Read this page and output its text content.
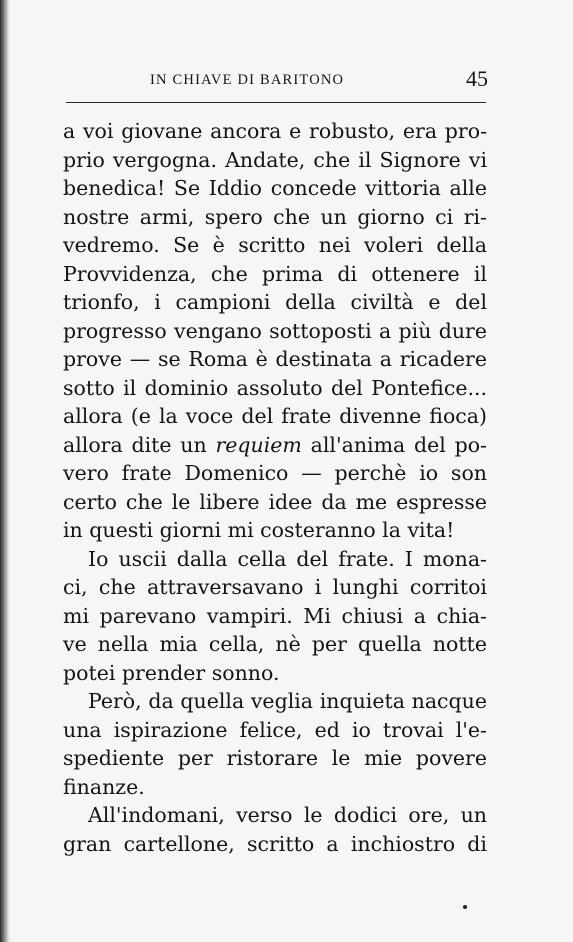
IN CHIAVE DI BARITONO	45
a voi giovane ancora e robusto, era pro-
prio vergogna. Andate, che il Signore vi
benedica! Se Iddio concede vittoria alle
nostre armi, spero che un giorno ci ri-
vedremo. Se è scritto nei voleri della
Provvidenza, che prima di ottenere il
trionfo, i campioni della civiltà e del
progresso vengano sottoposti a più dure
prove — se Roma è destinata a ricadere
sotto il dominio assoluto del Pontefice...
allora (e la voce del frate divenne fioca)
allora dite un requiem all'anima del po-
vero frate Domenico — perchè io son
certo che le libere idee da me espresse
in questi giorni mi costeranno la vita!
Io uscii dalla cella del frate. I mona-
ci, che attraversavano i lunghi corritoi
mi parevano vampiri. Mi chiusi a chia-
ve nella mia cella, nè per quella notte
potei prender sonno.
Però, da quella veglia inquieta nacque
una ispirazione felice, ed io trovai l'e-
spediente per ristorare le mie povere
finanze.
All'indomani, verso le dodici ore, un
gran cartellone, scritto a inchiostro di
